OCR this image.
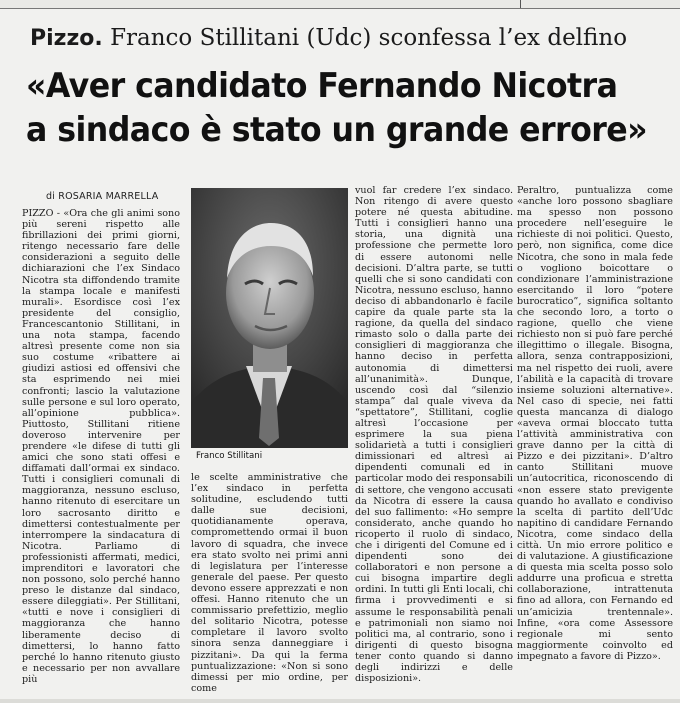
Pizzo. Franco Stillitani (Udc) sconfessa l’ex delfino
«Aver candidato Fernando Nicotra
a sindaco è stato un grande errore»
di ROSARIA MARRELLA

PIZZO - «Ora che gli animi sono più sereni rispetto alle fibrillazioni dei primi giorni, ritengo necessario fare delle considerazioni a seguito delle dichiarazioni che l’ex Sindaco Nicotra sta diffondendo tramite la stampa locale e manifesti murali». Esordisce così l’ex presidente del consiglio, Francescantonio Stillitani, in una nota stampa, facendo altresì presente come non sia suo costume «ribattere ai giudizi astiosi ed offensivi che sta esprimendo nei miei confronti; lascio la valutazione sulle persone e sul loro operato, all’opinione pubblica». Piuttosto, Stillitani ritiene doveroso intervenire per prendere «le difese di tutti gli amici che sono stati offesi e diffamati dall’ormai ex sindaco. Tutti i consiglieri comunali di maggioranza, nessuno escluso, hanno ritenuto di esercitare un loro sacrosanto diritto e dimettersi contestualmente per interrompere la sindacatura di Nicotra. Parliamo di professionisti affermati, medici, imprenditori e lavoratori che non possono, solo perché hanno preso le distanze dal sindaco, essere dileggiati». Per Stillitani, «tutti e nove i consiglieri di maggioranza che hanno liberamente deciso di dimettersi, lo hanno fatto perché lo hanno ritenuto giusto e necessario per non avvallare più

Franco Stillitani

le scelte amministrative che l’ex sindaco in perfetta solitudine, escludendo tutti dalle sue decisioni, quotidianamente operava, compromettendo ormai il buon lavoro di squadra, che invece era stato svolto nei primi anni di legislatura per l’interesse generale del paese. Per questo devono essere apprezzati e non offesi. Hanno ritenuto che un commissario prefettizio, meglio del solitario Nicotra, potesse completare il lavoro svolto sinora senza danneggiare i pizzitani». Da qui la ferma puntualizzazione: «Non si sono dimessi per mio ordine, per come

vuol far credere l’ex sindaco. Non ritengo di avere questo potere né questa abitudine. Tutti i consiglieri hanno una storia, una dignità una professione che permette loro di essere autonomi nelle decisioni. D’altra parte, se tutti quelli che si sono candidati con Nicotra, nessuno escluso, hanno deciso di abbandonarlo è facile capire da quale parte sta la ragione, da quella del sindaco rimasto solo o dalla parte dei consiglieri di maggioranza che hanno deciso in perfetta autonomia di dimettersi all’unanimità». Dunque, uscendo così dal “silenzio stampa” dal quale viveva da “spettatore”, Stillitani, coglie altresì l’occasione per esprimere la sua piena solidarietà a tutti i consiglieri dimissionari ed altresì ai dipendenti comunali ed in particolar modo dei responsabili di settore, che vengono accusati da Nicotra di essere la causa del suo fallimento: «Ho sempre considerato, anche quando ho ricoperto il ruolo di sindaco, che i dirigenti del Comune ed i dipendenti sono dei collaboratori e non persone a cui bisogna impartire degli ordini. In tutti gli Enti locali, chi firma i provvedimenti e si assume le responsabilità penali e patrimoniali non siamo noi politici ma, al contrario, sono i dirigenti di questo bisogna tener conto quando si danno degli indirizzi e delle disposizioni».

Peraltro, puntualizza come «anche loro possono sbagliare ma spesso non possono procedere nell’eseguire le richieste di noi politici. Questo, però, non significa, come dice Nicotra, che sono in mala fede o vogliono boicottare o condizionare l’amministrazione esercitando il loro “potere burocratico”, significa soltanto che secondo loro, a torto o ragione, quello che viene richiesto non si può fare perché illegittimo o illegale. Bisogna, allora, senza contrapposizioni, ma nel rispetto dei ruoli, avere l’abilità e la capacità di trovare insieme soluzioni alternative». Nel caso di specie, nei fatti questa mancanza di dialogo «aveva ormai bloccato tutta l’attività amministrativa con grave danno per la città di Pizzo e dei pizzitani». D’altro canto Stillitani muove un’autocritica, riconoscendo di «non essere stato previgente quando ho avallato e condiviso la scelta di partito dell’Udc napitino di candidare Fernando Nicotra, come sindaco della città. Un mio errore politico e di valutazione. A giustificazione di questa mia scelta posso solo addurre una proficua e stretta collaborazione, intrattenuta fino ad allora, con Fernando ed un’amicizia trentennale». Infine, «ora come Assessore regionale mi sento maggiormente coinvolto ed impegnato a favore di Pizzo».
